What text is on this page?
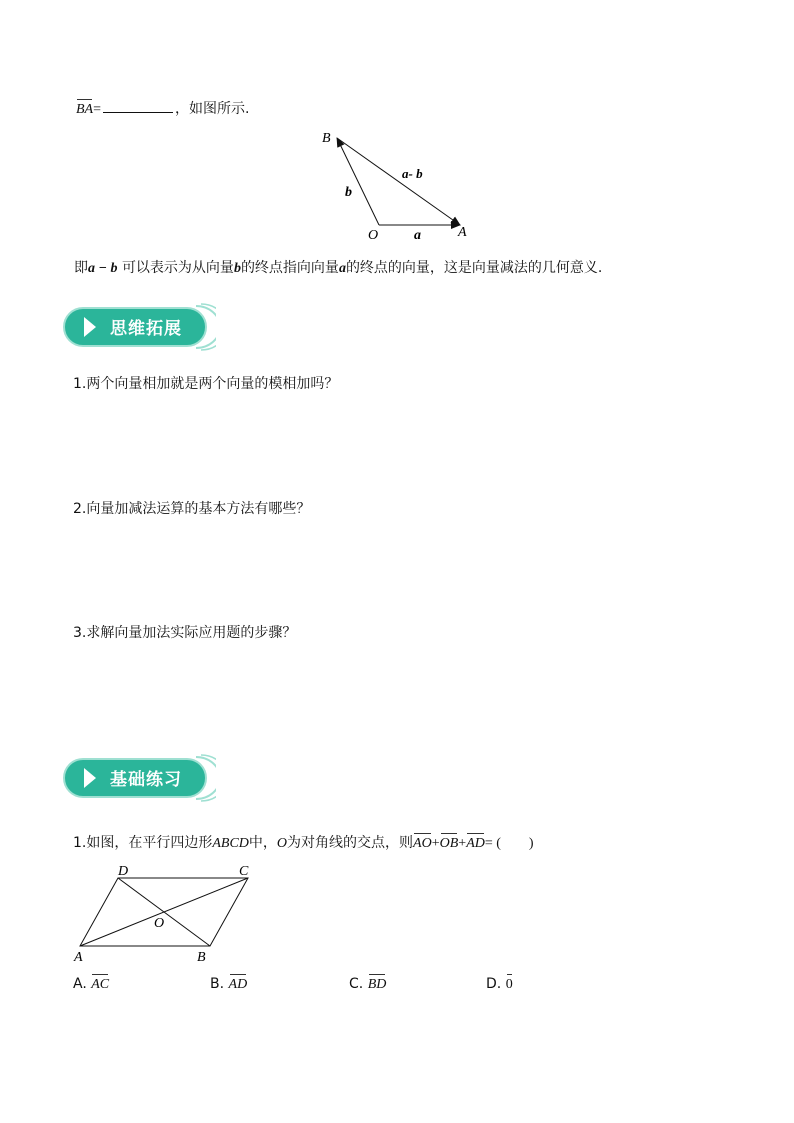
BA=	，如图所示.
B
O	A
b
a
a- b
即a − b 可以表示为从向量b的终点指向向量a的终点的向量，这是向量减法的几何意义.
思维拓展
1.两个向量相加就是两个向量的模相加吗？
2.向量加减法运算的基本方法有哪些？
3.求解向量加法实际应用题的步骤？
基础练习
1.如图，在平行四边形ABCD中，O为对角线的交点，则AO+OB+AD= (　　)
D	C
O
A	B
A. AC	B. AD	C. BD	D. 0
